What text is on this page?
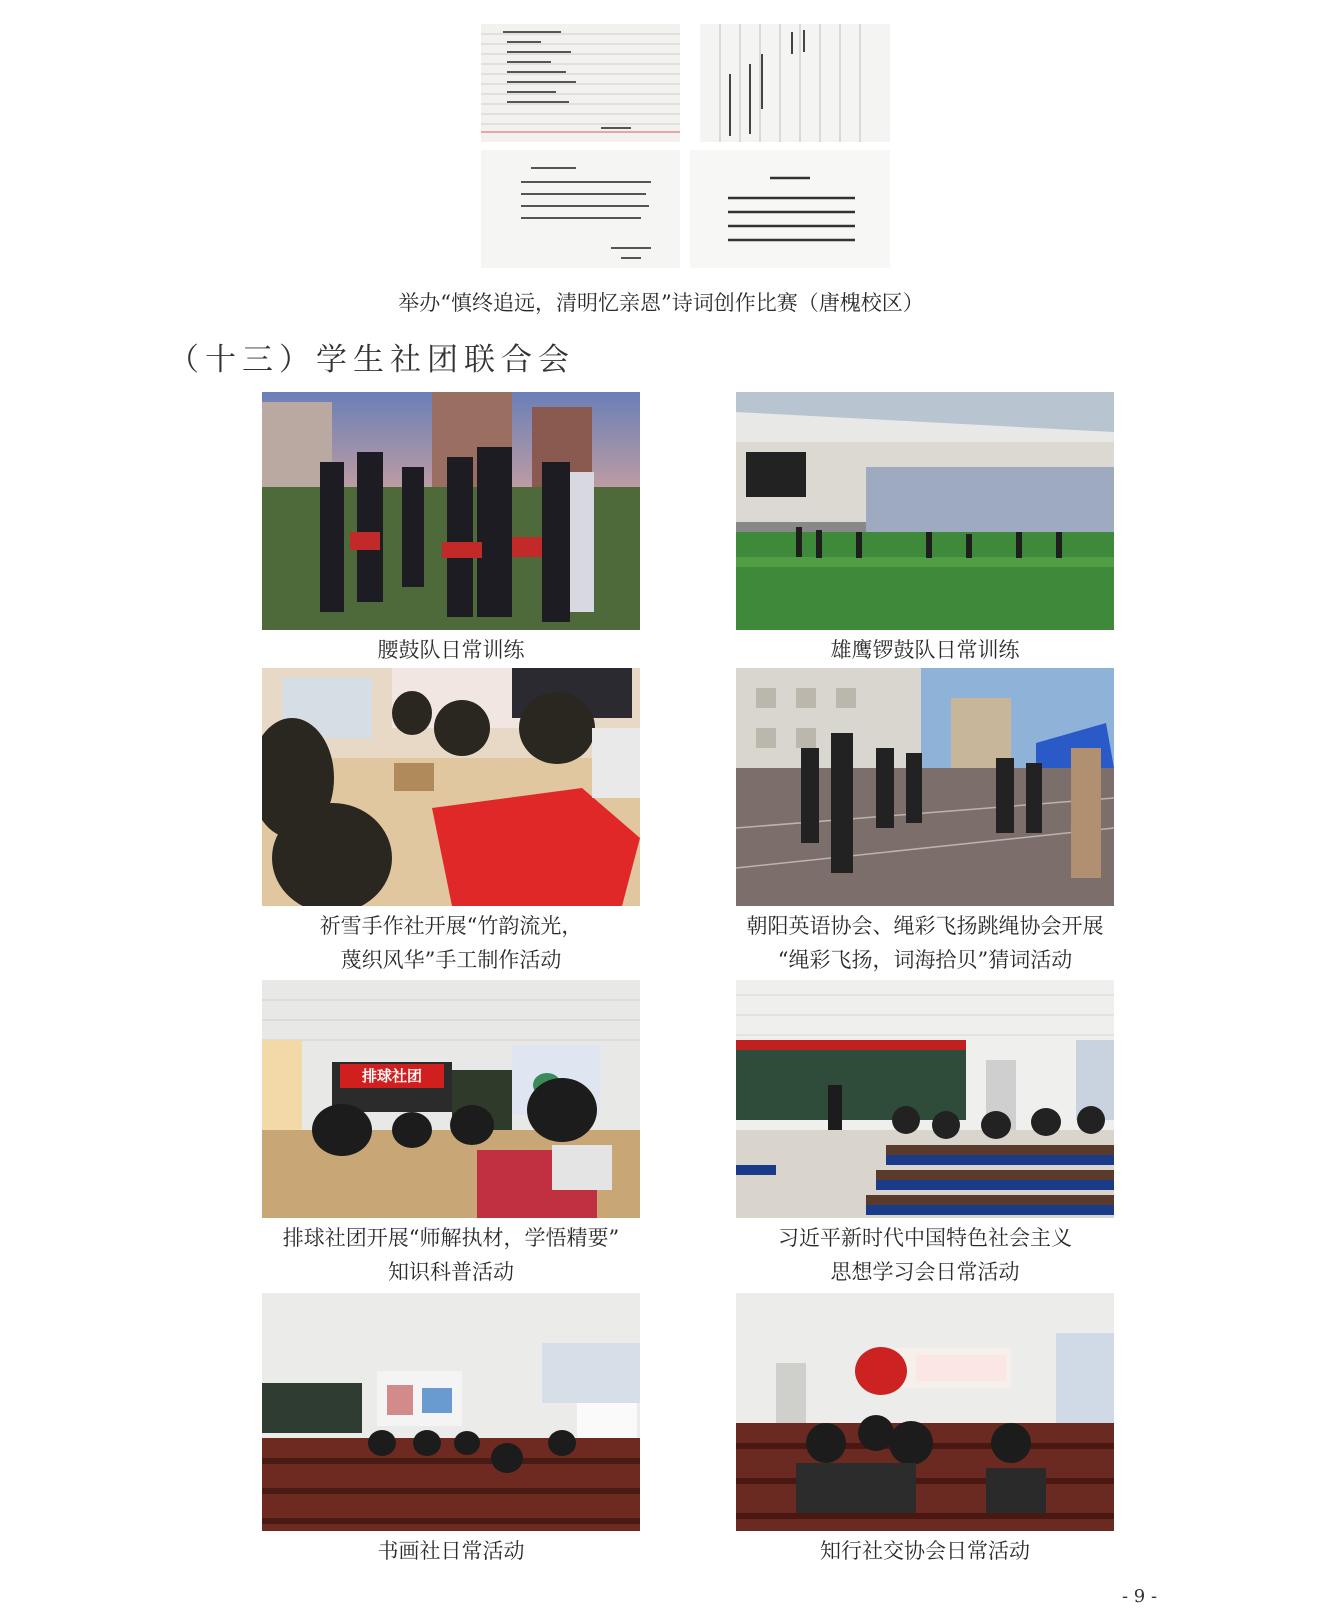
举办“慎终追远，清明忆亲恩”诗词创作比赛（唐槐校区）
（十三）学生社团联合会
腰鼓队日常训练	雄鹰锣鼓队日常训练
祈雪手作社开展“竹韵流光，
蔑织风华”手工制作活动
朝阳英语协会、绳彩飞扬跳绳协会开展
“绳彩飞扬，词海拾贝”猜词活动
排球社团
排球社团开展“师解执材，学悟精要”
知识科普活动
习近平新时代中国特色社会主义
思想学习会日常活动
书画社日常活动	知行社交协会日常活动
- 9 -
